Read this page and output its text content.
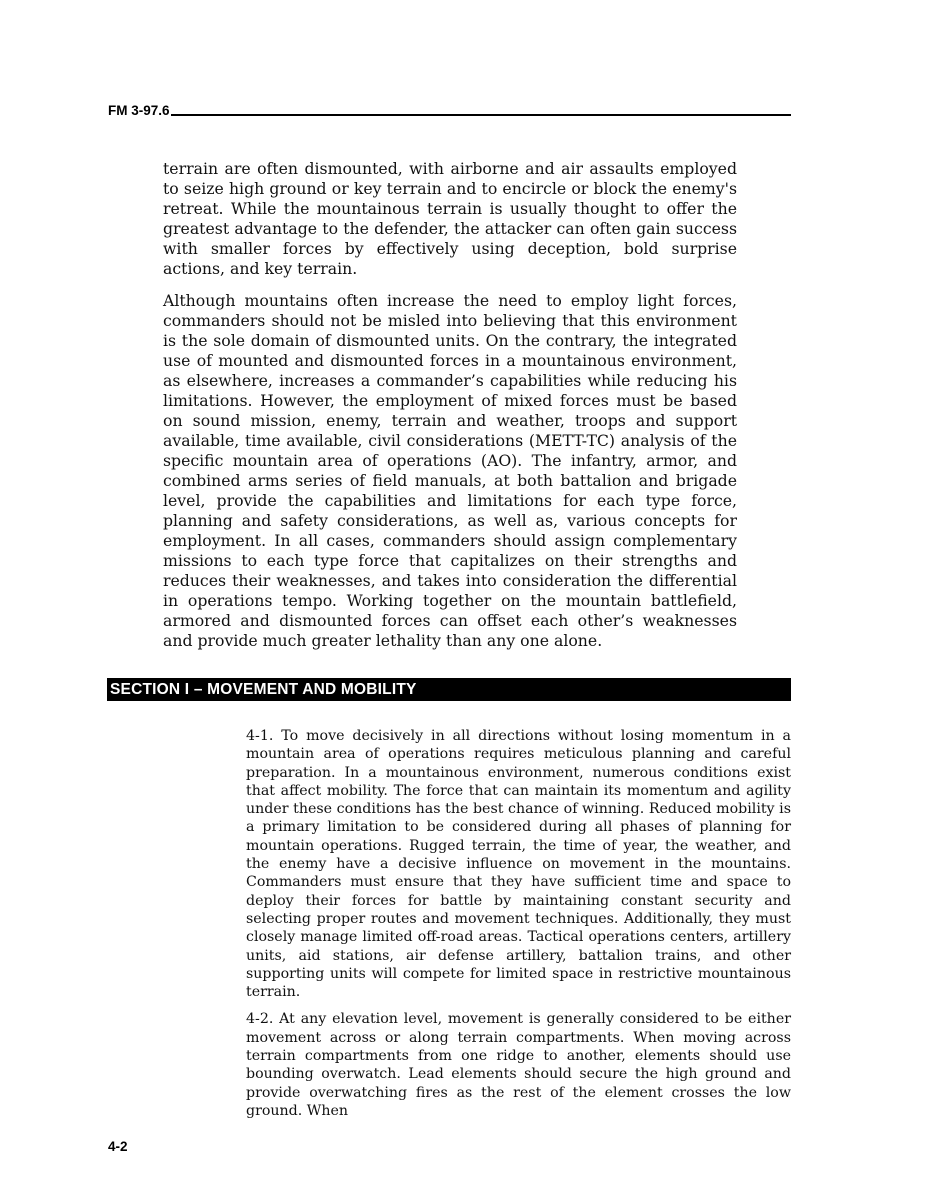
FM 3-97.6

terrain are often dismounted, with airborne and air assaults employed to seize high ground or key terrain and to encircle or block the enemy's retreat. While the mountainous terrain is usually thought to offer the greatest advantage to the defender, the attacker can often gain success with smaller forces by effectively using deception, bold surprise actions, and key terrain.

Although mountains often increase the need to employ light forces, commanders should not be misled into believing that this environment is the sole domain of dismounted units. On the contrary, the integrated use of mounted and dismounted forces in a mountainous environment, as elsewhere, increases a commander’s capabilities while reducing his limitations. However, the employment of mixed forces must be based on sound mission, enemy, terrain and weather, troops and support available, time available, civil considerations (METT-TC) analysis of the specific mountain area of operations (AO). The infantry, armor, and combined arms series of field manuals, at both battalion and brigade level, provide the capabilities and limitations for each type force, planning and safety considerations, as well as, various concepts for employment. In all cases, commanders should assign complementary missions to each type force that capitalizes on their strengths and reduces their weaknesses, and takes into consideration the differential in operations tempo. Working together on the mountain battlefield, armored and dismounted forces can offset each other’s weaknesses and provide much greater lethality than any one alone.

SECTION I – MOVEMENT AND MOBILITY

4-1. To move decisively in all directions without losing momentum in a mountain area of operations requires meticulous planning and careful preparation. In a mountainous environment, numerous conditions exist that affect mobility. The force that can maintain its momentum and agility under these conditions has the best chance of winning. Reduced mobility is a primary limitation to be considered during all phases of planning for mountain operations. Rugged terrain, the time of year, the weather, and the enemy have a decisive influence on movement in the mountains. Commanders must ensure that they have sufficient time and space to deploy their forces for battle by maintaining constant security and selecting proper routes and movement techniques. Additionally, they must closely manage limited off-road areas. Tactical operations centers, artillery units, aid stations, air defense artillery, battalion trains, and other supporting units will compete for limited space in restrictive mountainous terrain.

4-2. At any elevation level, movement is generally considered to be either movement across or along terrain compartments. When moving across terrain compartments from one ridge to another, elements should use bounding overwatch. Lead elements should secure the high ground and provide overwatching fires as the rest of the element crosses the low ground. When

4-2
